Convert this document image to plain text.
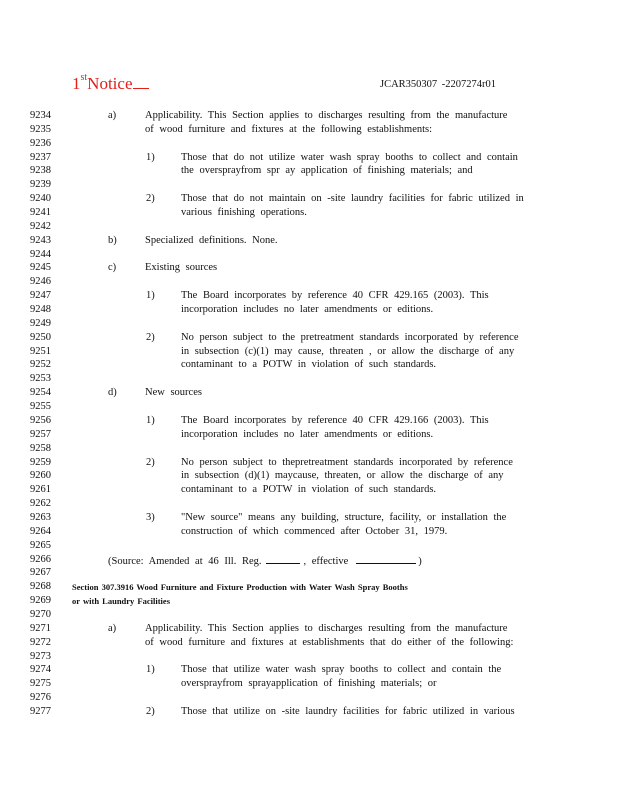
1stNotice	JCAR350307 -2207274r01
9234	a)	Applicability. This Section applies to discharges resulting from the manufacture
9235	of wood furniture and fixtures at the following establishments:
9236
9237	1)	Those that do not utilize water wash spray booths to collect and contain
9238	the oversprayfrom spr ay application of finishing materials; and
9239
9240	2)	Those that do not maintain on -site laundry facilities for fabric utilized in
9241	various finishing operations.
9242
9243	b)	Specialized definitions. None.
9244
9245	c)	Existing sources
9246
9247	1)	The Board incorporates by reference 40 CFR 429.165 (2003). This
9248	incorporation includes no later amendments or editions.
9249
9250	2)	No person subject to the pretreatment standards incorporated by reference
9251	in subsection (c)(1) may cause, threaten , or allow the discharge of any
9252	contaminant to a POTW in violation of such standards.
9253
9254	d)	New sources
9255
9256	1)	The Board incorporates by reference 40 CFR 429.166 (2003). This
9257	incorporation includes no later amendments or editions.
9258
9259	2)	No person subject to thepretreatment standards incorporated by reference
9260	in subsection (d)(1) maycause, threaten, or allow the discharge of any
9261	contaminant to a POTW in violation of such standards.
9262
9263	3)	"New source" means any building, structure, facility, or installation the
9264	construction of which commenced after October 31, 1979.
9265
9266	(Source: Amended at 46 Ill. Reg.	, effective	)
9267
9268	Section 307.3916 Wood Furniture and Fixture Production with Water Wash Spray Booths
9269	or with Laundry Facilities
9270
9271	a)	Applicability. This Section applies to discharges resulting from the manufacture
9272	of wood furniture and fixtures at establishments that do either of the following:
9273
9274	1)	Those that utilize water wash spray booths to collect and contain the
9275	oversprayfrom sprayapplication of finishing materials; or
9276
9277	2)	Those that utilize on -site laundry facilities for fabric utilized in various
